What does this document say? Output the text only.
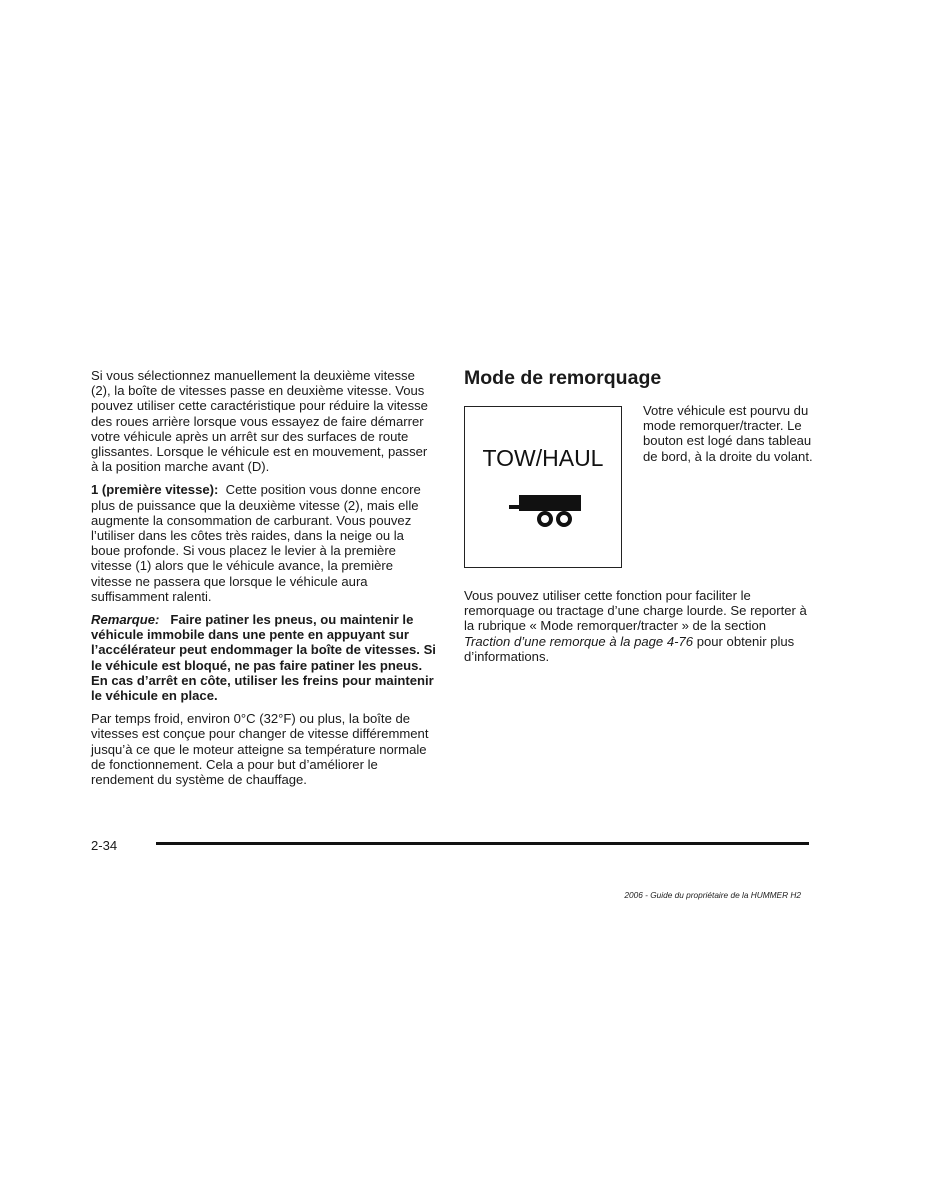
Si vous sélectionnez manuellement la deuxième vitesse (2), la boîte de vitesses passe en deuxième vitesse. Vous pouvez utiliser cette caractéristique pour réduire la vitesse des roues arrière lorsque vous essayez de faire démarrer votre véhicule après un arrêt sur des surfaces de route glissantes. Lorsque le véhicule est en mouvement, passer à la position marche avant (D).

1 (première vitesse): Cette position vous donne encore plus de puissance que la deuxième vitesse (2), mais elle augmente la consommation de carburant. Vous pouvez l’utiliser dans les côtes très raides, dans la neige ou la boue profonde. Si vous placez le levier à la première vitesse (1) alors que le véhicule avance, la première vitesse ne passera que lorsque le véhicule aura suffisamment ralenti.

Remarque: Faire patiner les pneus, ou maintenir le véhicule immobile dans une pente en appuyant sur l’accélérateur peut endommager la boîte de vitesses. Si le véhicule est bloqué, ne pas faire patiner les pneus. En cas d’arrêt en côte, utiliser les freins pour maintenir le véhicule en place.

Par temps froid, environ 0°C (32°F) ou plus, la boîte de vitesses est conçue pour changer de vitesse différemment jusqu’à ce que le moteur atteigne sa température normale de fonctionnement. Cela a pour but d’améliorer le rendement du système de chauffage.

Mode de remorquage
TOW/HAUL
Votre véhicule est pourvu du mode remorquer/tracter. Le bouton est logé dans tableau de bord, à la droite du volant.

Vous pouvez utiliser cette fonction pour faciliter le remorquage ou tractage d’une charge lourde. Se reporter à la rubrique « Mode remorquer/tracter » de la section Traction d’une remorque à la page 4-76 pour obtenir plus d’informations.

2-34
2006 - Guide du propriétaire de la HUMMER H2
